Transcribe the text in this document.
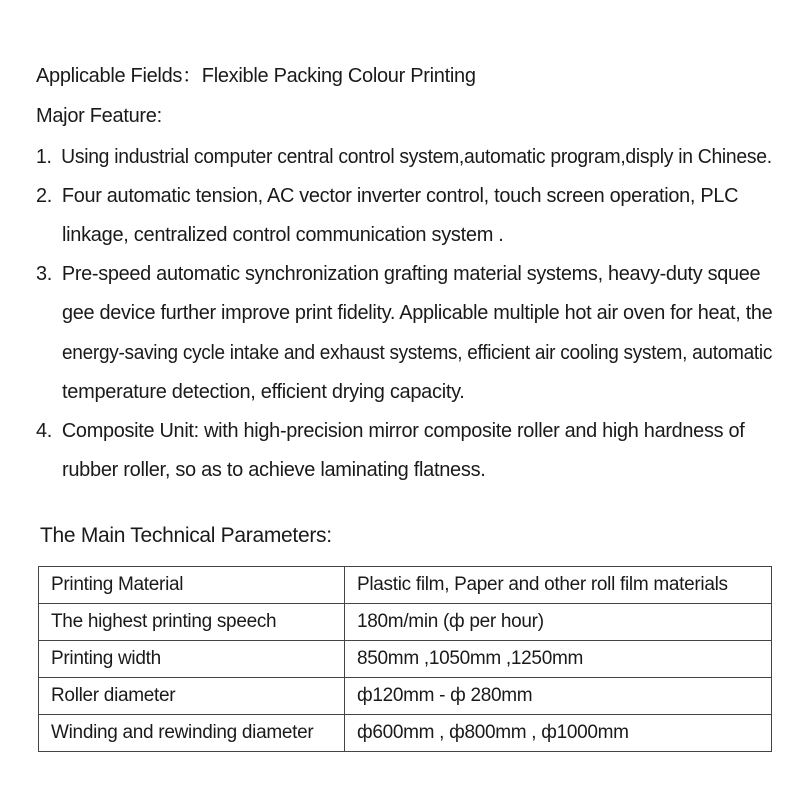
Applicable Fields：Flexible Packing Colour Printing
Major Feature:
1. Using industrial computer central control system,automatic program,disply in Chinese.
2. Four automatic tension, AC vector inverter control, touch screen operation, PLC
linkage, centralized control communication system .
3. Pre-speed automatic synchronization grafting material systems, heavy-duty squee
gee device further improve print fidelity. Applicable multiple hot air oven for heat, the
energy-saving cycle intake and exhaust systems, efficient air cooling system, automatic
temperature detection, efficient drying capacity.
4. Composite Unit: with high-precision mirror composite roller and high hardness of
rubber roller, so as to achieve laminating flatness.
The Main Technical Parameters:
Printing Material	Plastic film, Paper and other roll film materials
The highest printing speech	180m/min (ф per hour)
Printing width	850mm ,1050mm ,1250mm
Roller diameter	ф120mm - ф 280mm
Winding and rewinding diameter	ф600mm , ф800mm , ф1000mm
